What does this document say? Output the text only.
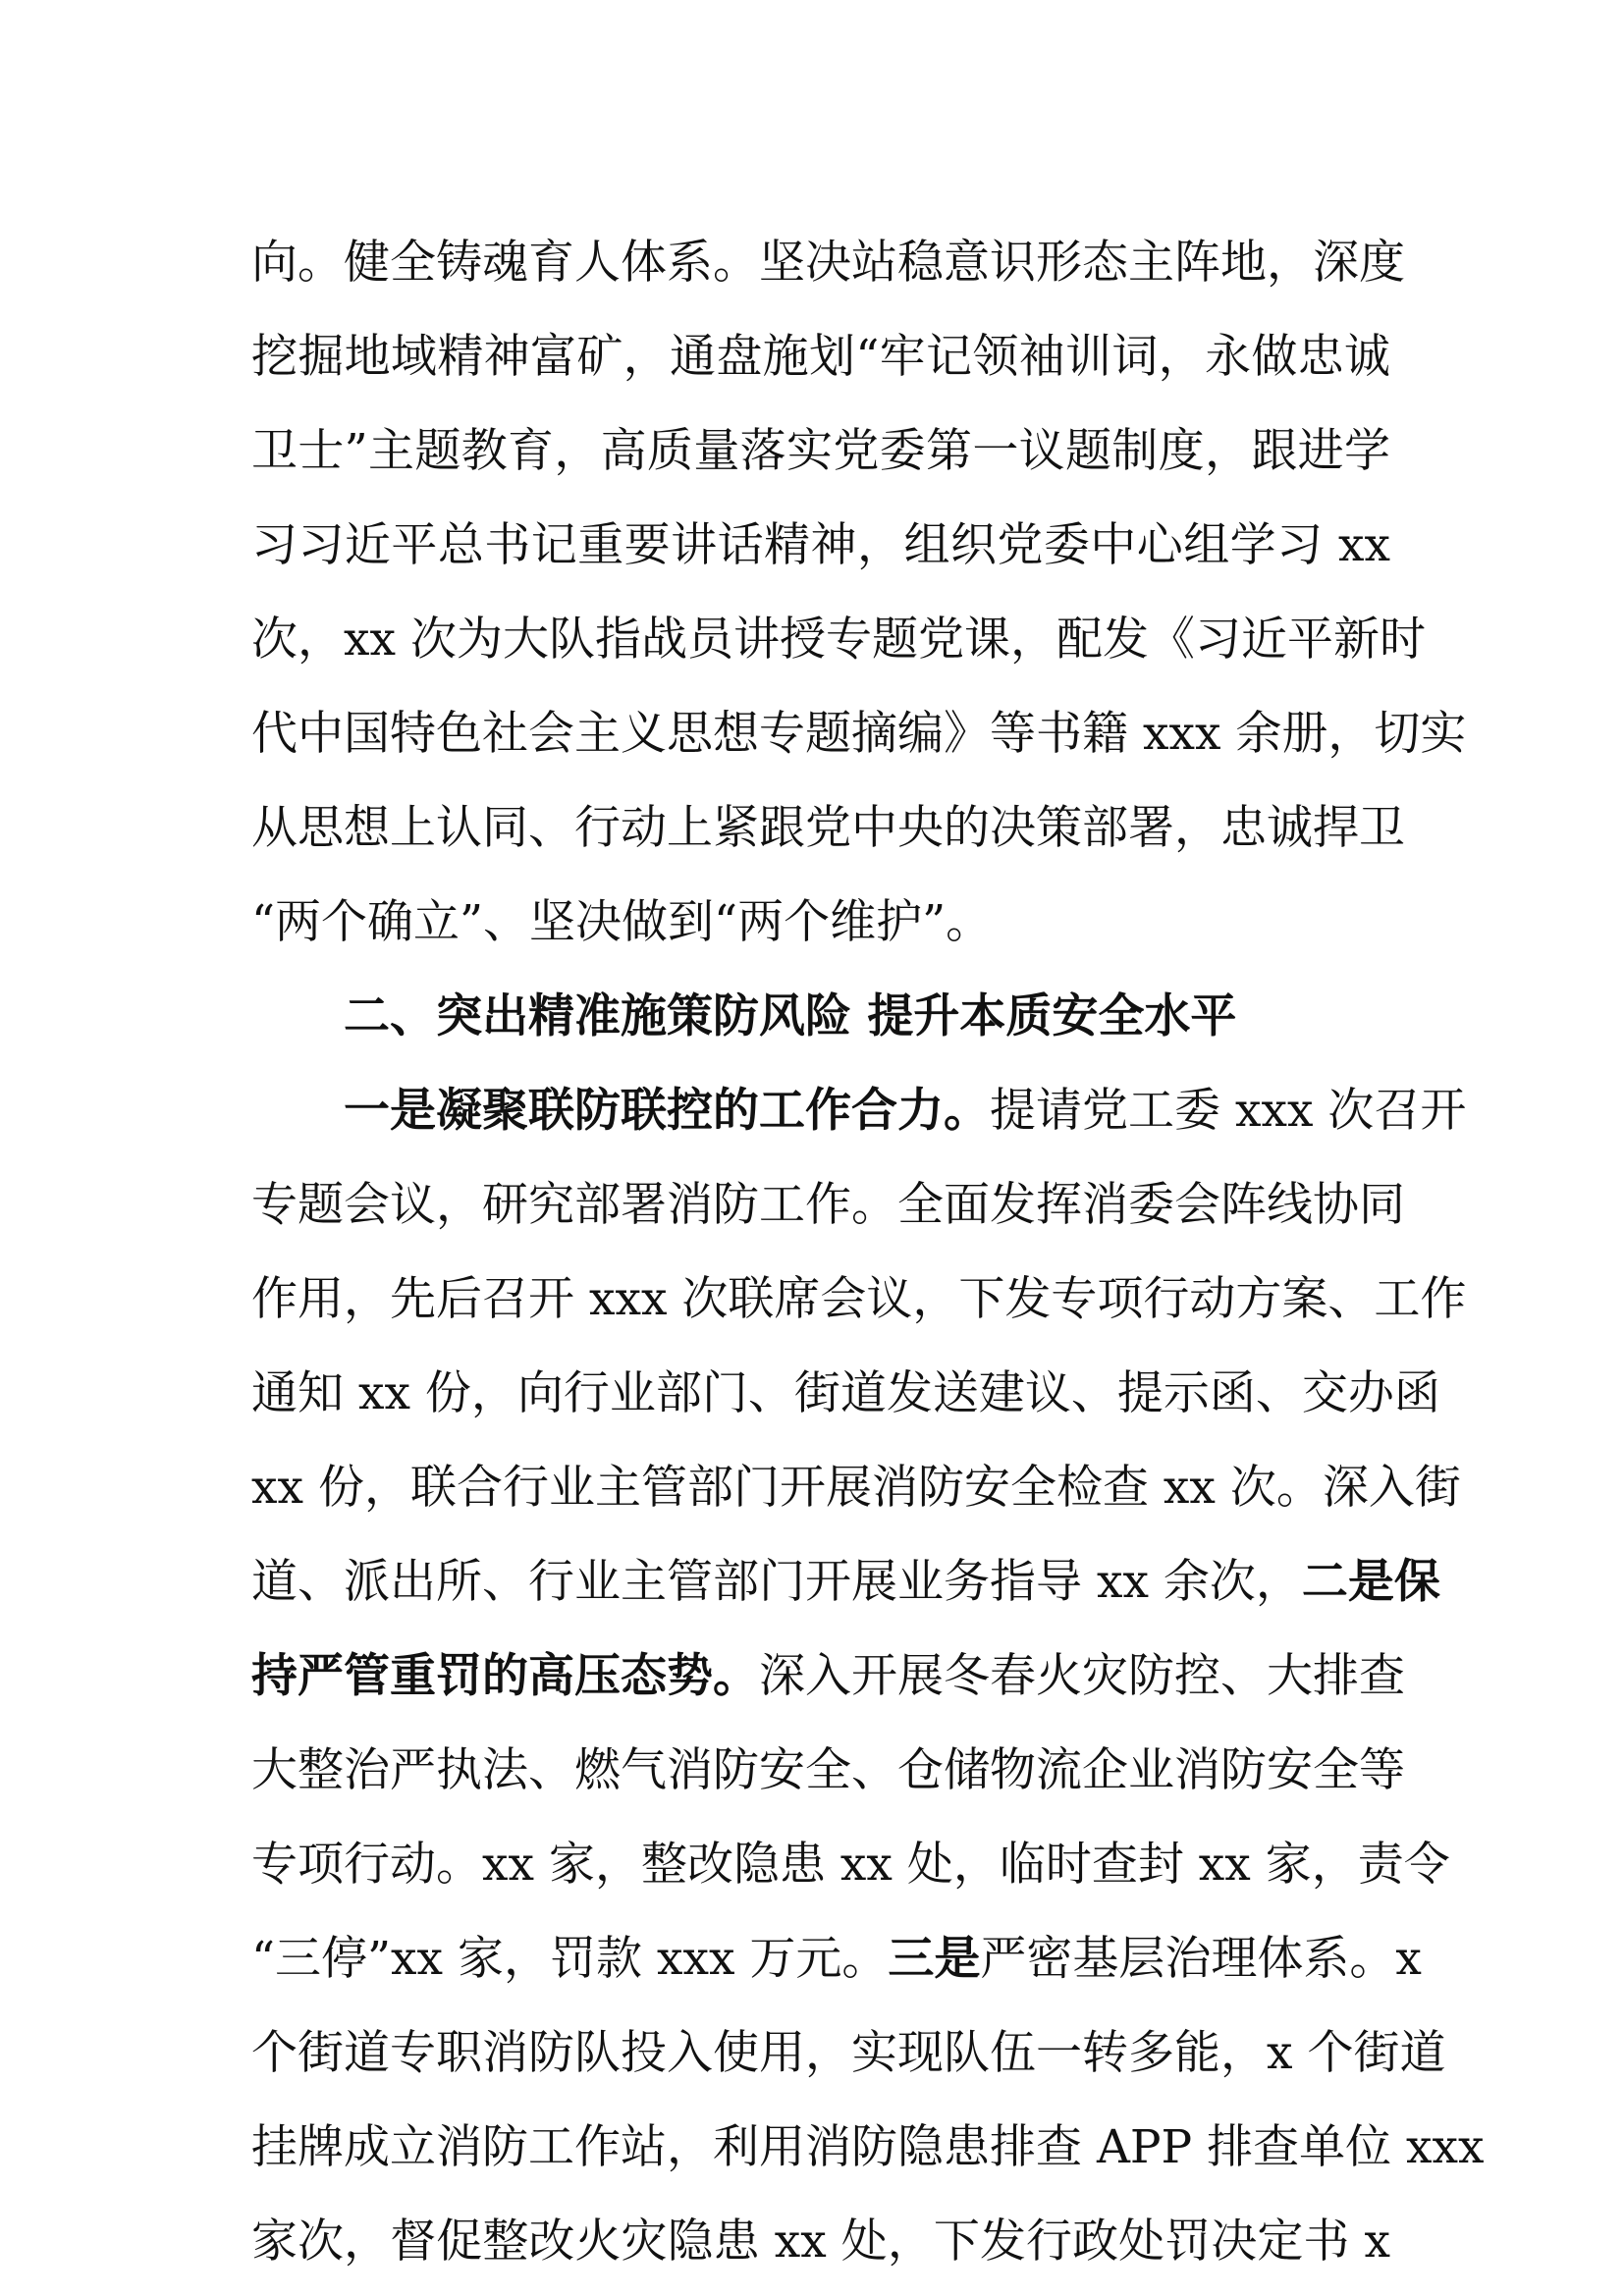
向。健全铸魂育人体系。坚决站稳意识形态主阵地，深度
挖掘地域精神富矿，通盘施划“牢记领袖训词，永做忠诚
卫士”主题教育，高质量落实党委第一议题制度，跟进学
习习近平总书记重要讲话精神，组织党委中心组学习 xx
次，xx 次为大队指战员讲授专题党课，配发《习近平新时
代中国特色社会主义思想专题摘编》等书籍 xxx 余册，切实
从思想上认同、行动上紧跟党中央的决策部署，忠诚捍卫
“两个确立”、坚决做到“两个维护”。
二、突出精准施策防风险 提升本质安全水平
一是凝聚联防联控的工作合力。提请党工委 xxx 次召开
专题会议，研究部署消防工作。全面发挥消委会阵线协同
作用，先后召开 xxx 次联席会议，下发专项行动方案、工作
通知 xx 份，向行业部门、街道发送建议、提示函、交办函
xx 份，联合行业主管部门开展消防安全检查 xx 次。深入街
道、派出所、行业主管部门开展业务指导 xx 余次，二是保
持严管重罚的高压态势。深入开展冬春火灾防控、大排查
大整治严执法、燃气消防安全、仓储物流企业消防安全等
专项行动。xx 家，整改隐患 xx 处，临时查封 xx 家，责令
“三停”xx 家，罚款 xxx 万元。三是严密基层治理体系。x
个街道专职消防队投入使用，实现队伍一转多能，x 个街道
挂牌成立消防工作站，利用消防隐患排查 APP 排查单位 xxx
家次，督促整改火灾隐患 xx 处，下发行政处罚决定书 x
